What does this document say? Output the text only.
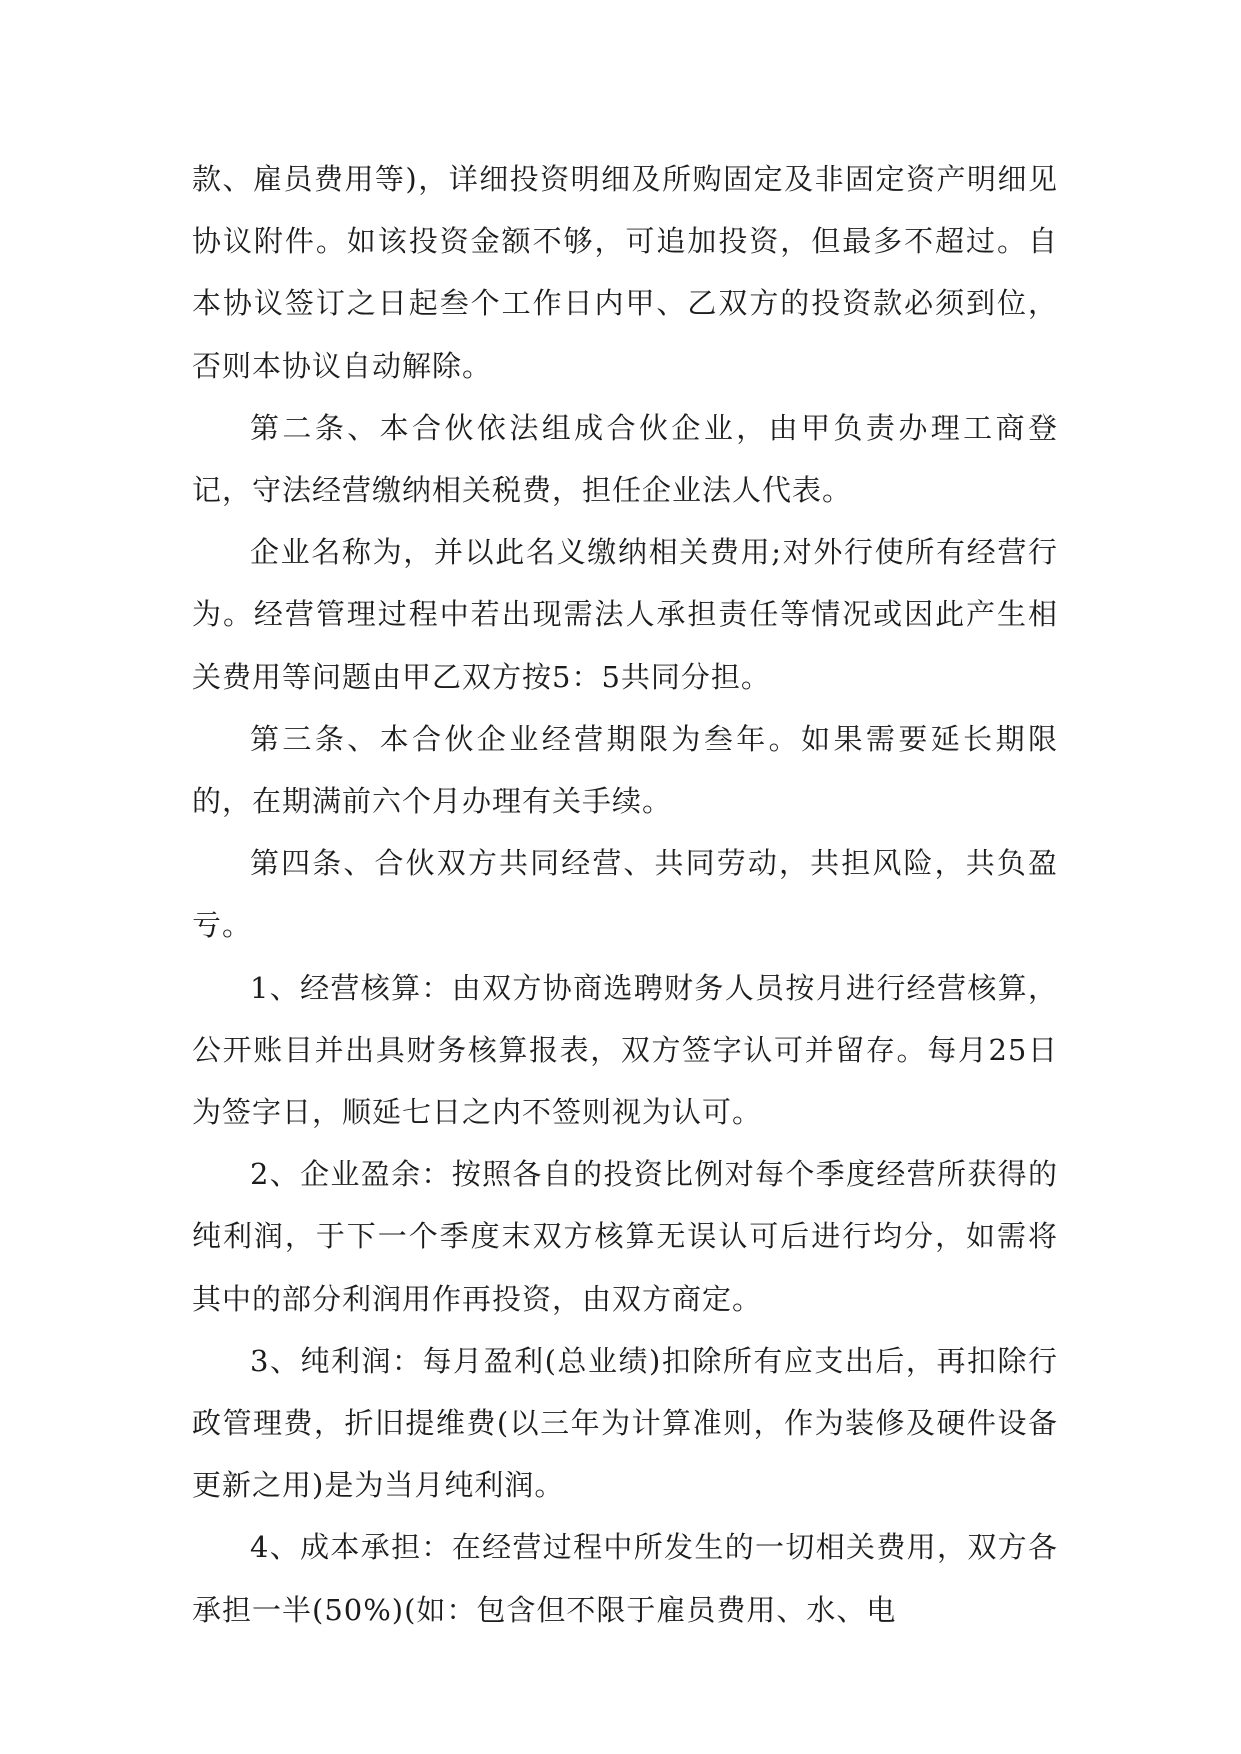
款、雇员费用等)，详细投资明细及所购固定及非固定资产明细见协议附件。如该投资金额不够，可追加投资，但最多不超过。自本协议签订之日起叁个工作日内甲、乙双方的投资款必须到位，否则本协议自动解除。

第二条、本合伙依法组成合伙企业，由甲负责办理工商登记，守法经营缴纳相关税费，担任企业法人代表。

企业名称为，并以此名义缴纳相关费用;对外行使所有经营行为。经营管理过程中若出现需法人承担责任等情况或因此产生相关费用等问题由甲乙双方按5：5共同分担。

第三条、本合伙企业经营期限为叁年。如果需要延长期限的，在期满前六个月办理有关手续。

第四条、合伙双方共同经营、共同劳动，共担风险，共负盈亏。

1、经营核算：由双方协商选聘财务人员按月进行经营核算，公开账目并出具财务核算报表，双方签字认可并留存。每月25日为签字日，顺延七日之内不签则视为认可。

2、企业盈余：按照各自的投资比例对每个季度经营所获得的纯利润，于下一个季度末双方核算无误认可后进行均分，如需将其中的部分利润用作再投资，由双方商定。

3、纯利润：每月盈利(总业绩)扣除所有应支出后，再扣除行政管理费，折旧提维费(以三年为计算准则，作为装修及硬件设备更新之用)是为当月纯利润。

4、成本承担：在经营过程中所发生的一切相关费用，双方各承担一半(50%)(如：包含但不限于雇员费用、水、电
